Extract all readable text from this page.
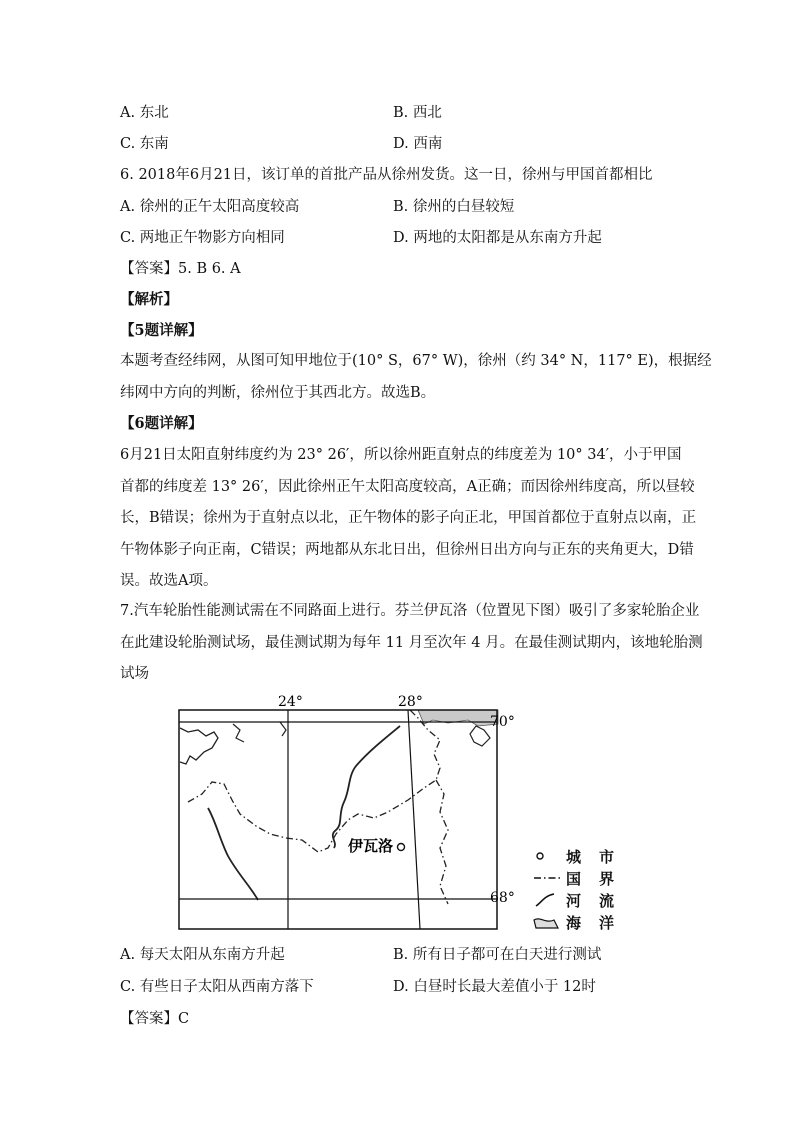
A. 东北	B. 西北
C. 东南	D. 西南
6. 2018年6月21日，该订单的首批产品从徐州发货。这一日，徐州与甲国首都相比
A. 徐州的正午太阳高度较高	B. 徐州的白昼较短
C. 两地正午物影方向相同	D. 两地的太阳都是从东南方升起
【答案】5. B 6. A
【解析】
【5题详解】
本题考查经纬网，从图可知甲地位于(10° S，67° W)，徐州（约 34° N，117° E)，根据经
纬网中方向的判断，徐州位于其西北方。故选B。
【6题详解】
6月21日太阳直射纬度约为 23° 26′，所以徐州距直射点的纬度差为 10° 34′，小于甲国
首都的纬度差 13° 26′，因此徐州正午太阳高度较高，A正确；而因徐州纬度高，所以昼较
长，B错误；徐州为于直射点以北，正午物体的影子向正北，甲国首都位于直射点以南，正
午物体影子向正南，C错误；两地都从东北日出，但徐州日出方向与正东的夹角更大，D错
误。故选A项。
7.汽车轮胎性能测试需在不同路面上进行。芬兰伊瓦洛（位置见下图）吸引了多家轮胎企业
在此建设轮胎测试场，最佳测试期为每年 11 月至次年 4 月。在最佳测试期内，该地轮胎测
试场
24°	28°
70°
68°
伊瓦洛
城市
国界
河流
海洋
A. 每天太阳从东南方升起	B. 所有日子都可在白天进行测试
C. 有些日子太阳从西南方落下	D. 白昼时长最大差值小于 12时
【答案】C
